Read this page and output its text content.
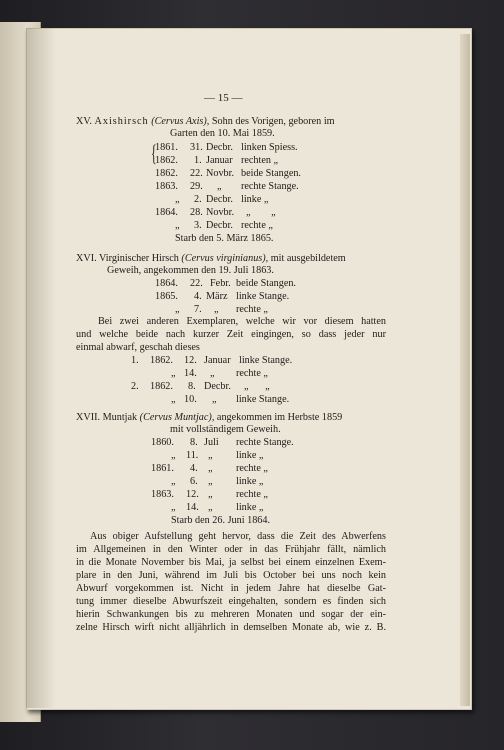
— 15 —
XV. Axishirsch (Cervus Axis), Sohn des Vorigen, geboren im
Garten den 10. Mai 1859.
{
1861. 31. Decbr. linken Spiess.
1862. 1. Januar rechten „
1862. 22. Novbr. beide Stangen.
1863. 29. „ rechte Stange.
„ 2. Decbr. linke „
1864. 28. Novbr. „ „
„ 3. Decbr. rechte „
Starb den 5. März 1865.
XVI. Virginischer Hirsch (Cervus virginianus), mit ausgebildetem
Geweih, angekommen den 19. Juli 1863.
1864. 22. Febr. beide Stangen.
1865. 4. März linke Stange.
„ 7. „ rechte „
Bei zwei anderen Exemplaren, welche wir vor diesem hatten
und welche beide nach kurzer Zeit eingingen, so dass jeder nur
einmal abwarf, geschah dieses
1. 1862. 12. Januar linke Stange.
„ 14. „ rechte „
2. 1862. 8. Decbr. „ „
„ 10. „ linke Stange.
XVII. Muntjak (Cervus Muntjac), angekommen im Herbste 1859
mit vollständigem Geweih.
1860. 8. Juli rechte Stange.
„ 11. „ linke „
1861. 4. „ rechte „
„ 6. „ linke „
1863. 12. „ rechte „
„ 14. „ linke „
Starb den 26. Juni 1864.
Aus obiger Aufstellung geht hervor, dass die Zeit des Abwerfens
im Allgemeinen in den Winter oder in das Frühjahr fällt, nämlich
in die Monate November bis Mai, ja selbst bei einem einzelnen Exem-
plare in den Juni, während im Juli bis October bei uns noch kein
Abwurf vorgekommen ist. Nicht in jedem Jahre hat dieselbe Gat-
tung immer dieselbe Abwurfszeit eingehalten, sondern es finden sich
hierin Schwankungen bis zu mehreren Monaten und sogar der ein-
zelne Hirsch wirft nicht alljährlich in demselben Monate ab, wie z. B.
